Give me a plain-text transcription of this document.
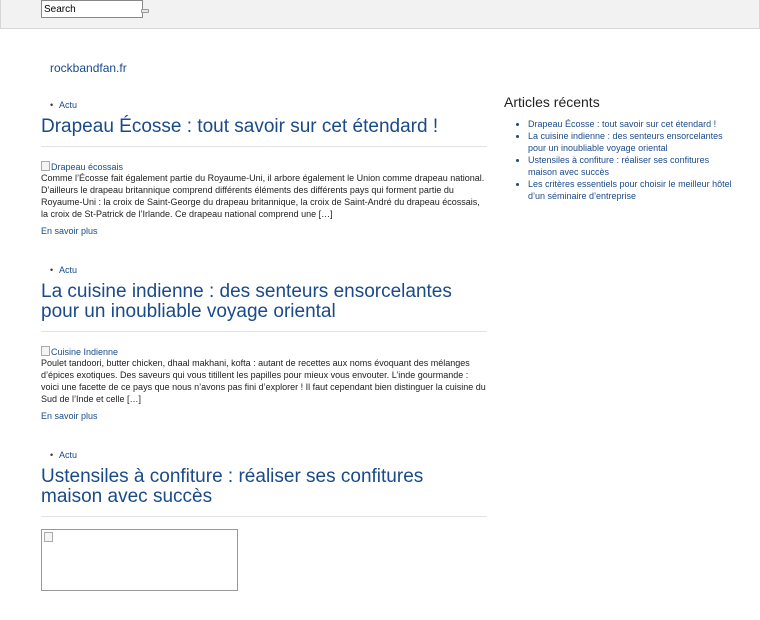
Search
rockbandfan.fr
• Actu
Drapeau Écosse : tout savoir sur cet étendard !
Drapeau écossais

Comme l’Écosse fait également partie du Royaume-Uni, il arbore également le Union comme drapeau national. D’ailleurs le drapeau britannique comprend différents éléments des différents pays qui forment partie du Royaume-Uni : la croix de Saint-George du drapeau britannique, la croix de Saint-André du drapeau écossais, la croix de St-Patrick de l’Irlande. Ce drapeau national comprend une […]

En savoir plus
• Actu
La cuisine indienne : des senteurs ensorcelantes pour un inoubliable voyage oriental
Cuisine Indienne

Poulet tandoori, butter chicken, dhaal makhani, kofta : autant de recettes aux noms évoquant des mélanges d’épices exotiques. Des saveurs qui vous titillent les papilles pour mieux vous envouter. L’inde gourmande : voici une facette de ce pays que nous n’avons pas fini d’explorer ! Il faut cependant bien distinguer la cuisine du Sud de l’Inde et celle […]

En savoir plus
• Actu
Ustensiles à confiture : réaliser ses confitures maison avec succès
Articles récents
• Drapeau Écosse : tout savoir sur cet étendard !
• La cuisine indienne : des senteurs ensorcelantes pour un inoubliable voyage oriental
• Ustensiles à confiture : réaliser ses confitures maison avec succès
• Les critères essentiels pour choisir le meilleur hôtel d’un séminaire d’entreprise
